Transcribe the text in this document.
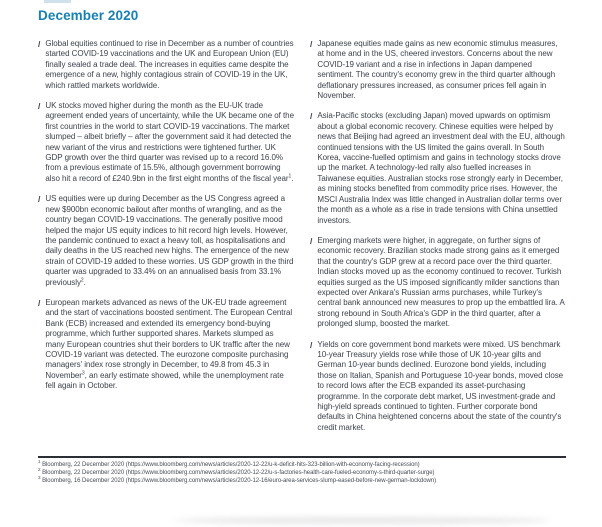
December 2020
/ Global equities continued to rise in December as a number of countries started COVID-19 vaccinations and the UK and European Union (EU) finally sealed a trade deal. The increases in equities came despite the emergence of a new, highly contagious strain of COVID-19 in the UK, which rattled markets worldwide.

/ UK stocks moved higher during the month as the EU-UK trade agreement ended years of uncertainty, while the UK became one of the first countries in the world to start COVID-19 vaccinations. The market slumped – albeit briefly – after the government said it had detected the new variant of the virus and restrictions were tightened further. UK GDP growth over the third quarter was revised up to a record 16.0% from a previous estimate of 15.5%, although government borrowing also hit a record of £240.9bn in the first eight months of the fiscal year$^1$.

/ US equities were up during December as the US Congress agreed a new $900bn economic bailout after months of wrangling, and as the country began COVID-19 vaccinations. The generally positive mood helped the major US equity indices to hit record high levels. However, the pandemic continued to exact a heavy toll, as hospitalisations and daily deaths in the US reached new highs. The emergence of the new strain of COVID-19 added to these worries. US GDP growth in the third quarter was upgraded to 33.4% on an annualised basis from 33.1% previously$^2$.

/ European markets advanced as news of the UK-EU trade agreement and the start of vaccinations boosted sentiment. The European Central Bank (ECB) increased and extended its emergency bond-buying programme, which further supported shares. Markets slumped as many European countries shut their borders to UK traffic after the new COVID-19 variant was detected. The eurozone composite purchasing managers' index rose strongly in December, to 49.8 from 45.3 in November$^3$, an early estimate showed, while the unemployment rate fell again in October.

/ Japanese equities made gains as new economic stimulus measures, at home and in the US, cheered investors. Concerns about the new COVID-19 variant and a rise in infections in Japan dampened sentiment. The country's economy grew in the third quarter although deflationary pressures increased, as consumer prices fell again in November.

/ Asia-Pacific stocks (excluding Japan) moved upwards on optimism about a global economic recovery. Chinese equities were helped by news that Beijing had agreed an investment deal with the EU, although continued tensions with the US limited the gains overall. In South Korea, vaccine-fuelled optimism and gains in technology stocks drove up the market. A technology-led rally also fuelled increases in Taiwanese equities. Australian stocks rose strongly early in December, as mining stocks benefited from commodity price rises. However, the MSCI Australia Index was little changed in Australian dollar terms over the month as a whole as a rise in trade tensions with China unsettled investors.

/ Emerging markets were higher, in aggregate, on further signs of economic recovery. Brazilian stocks made strong gains as it emerged that the country's GDP grew at a record pace over the third quarter. Indian stocks moved up as the economy continued to recover. Turkish equities surged as the US imposed significantly milder sanctions than expected over Ankara's Russian arms purchases, while Turkey's central bank announced new measures to prop up the embattled lira. A strong rebound in South Africa's GDP in the third quarter, after a prolonged slump, boosted the market.

/ Yields on core government bond markets were mixed. US benchmark 10-year Treasury yields rose while those of UK 10-year gilts and German 10-year bunds declined. Eurozone bond yields, including those on Italian, Spanish and Portuguese 10-year bonds, moved close to record lows after the ECB expanded its asset-purchasing programme. In the corporate debt market, US investment-grade and high-yield spreads continued to tighten. Further corporate bond defaults in China heightened concerns about the state of the country's credit market.

$^1$ Bloomberg, 22 December 2020 (https://www.bloomberg.com/news/articles/2020-12-22/u-k-deficit-hits-323-billion-with-economy-facing-recession)
$^2$ Bloomberg, 22 December 2020 (https://www.bloomberg.com/news/articles/2020-12-22/u-s-factories-health-care-fueled-economy-s-third-quarter-surge)
$^3$ Bloomberg, 16 December 2020 (https://www.bloomberg.com/news/articles/2020-12-16/euro-area-services-slump-eased-before-new-german-lockdown)
